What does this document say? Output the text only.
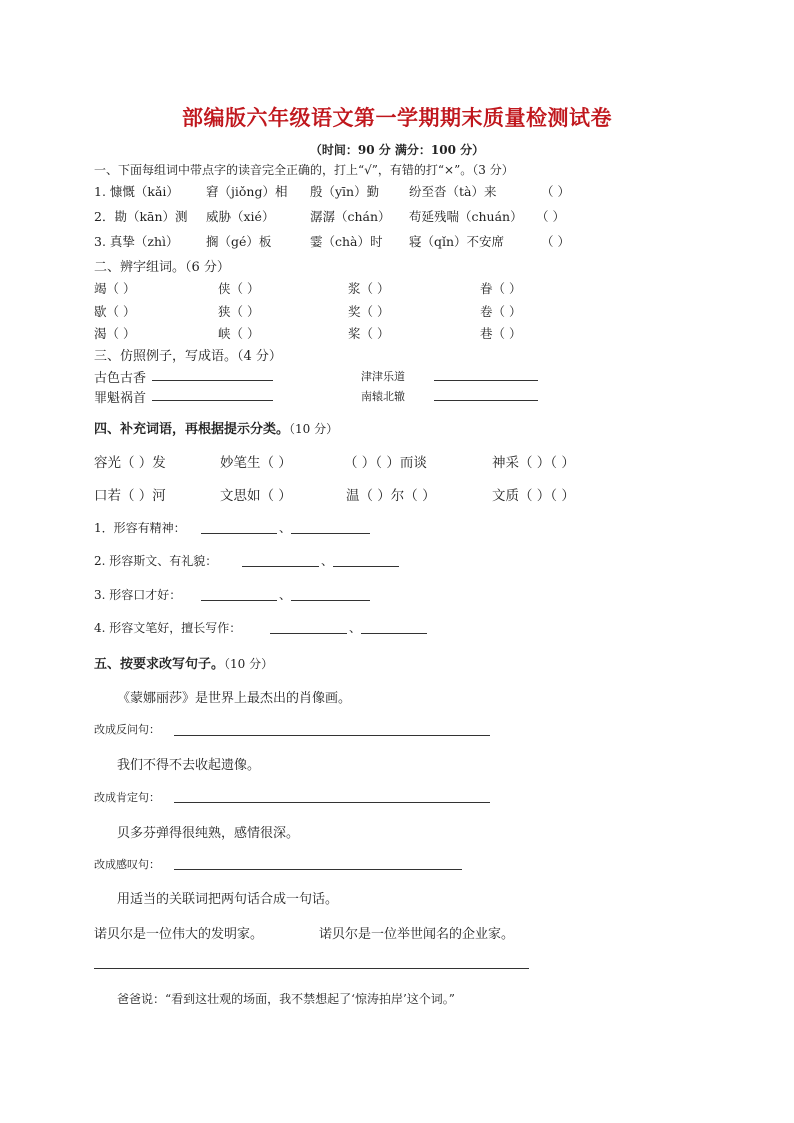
部编版六年级语文第一学期期末质量检测试卷
（时间：90 分 满分：100 分）
一、下面每组词中带点字的读音完全正确的，打上“√”，有错的打“×”。（3 分）
1. 慷慨（kǎi） 窘（jiǒng）相 殷（yīn）勤 纷至沓（tà）来	（ ）
2．勘（kān）测 威胁（xié）	潺潺（chán） 苟延残喘（chuán） （ ）
3. 真挚（zhì） 搁（gé）板	霎（chà）时 寝（qǐn）不安席	（ ）
二、辨字组词。（6 分）
竭（ ）	侠（ ）	浆（ ）	眷（ ）
歇（ ）	狭（ ）	奖（ ）	卷（ ）
渴（ ）	峡（ ）	桨（ ）	巷（ ）
三、仿照例子，写成语。（4 分）
古色古香	津津乐道
罪魁祸首	南辕北辙
四、补充词语，再根据提示分类。（10 分）
容光（ ）发	妙笔生（ ）	（ ）（ ）而谈	神采（ ）（ ）
口若（ ）河	文思如（ ）	温（ ）尔（ ）	文质（ ）（ ）
1．形容有精神：	、
2. 形容斯文、有礼貌：	、
3. 形容口才好：	、
4. 形容文笔好，擅长写作：	、
五、按要求改写句子。（10 分）
《蒙娜丽莎》是世界上最杰出的肖像画。
改成反问句：
我们不得不去收起遗像。
改成肯定句：
贝多芬弹得很纯熟，感情很深。
改成感叹句：
用适当的关联词把两句话合成一句话。
诺贝尔是一位伟大的发明家。	诺贝尔是一位举世闻名的企业家。
爸爸说：“看到这壮观的场面，我不禁想起了‘惊涛拍岸’这个词。”
